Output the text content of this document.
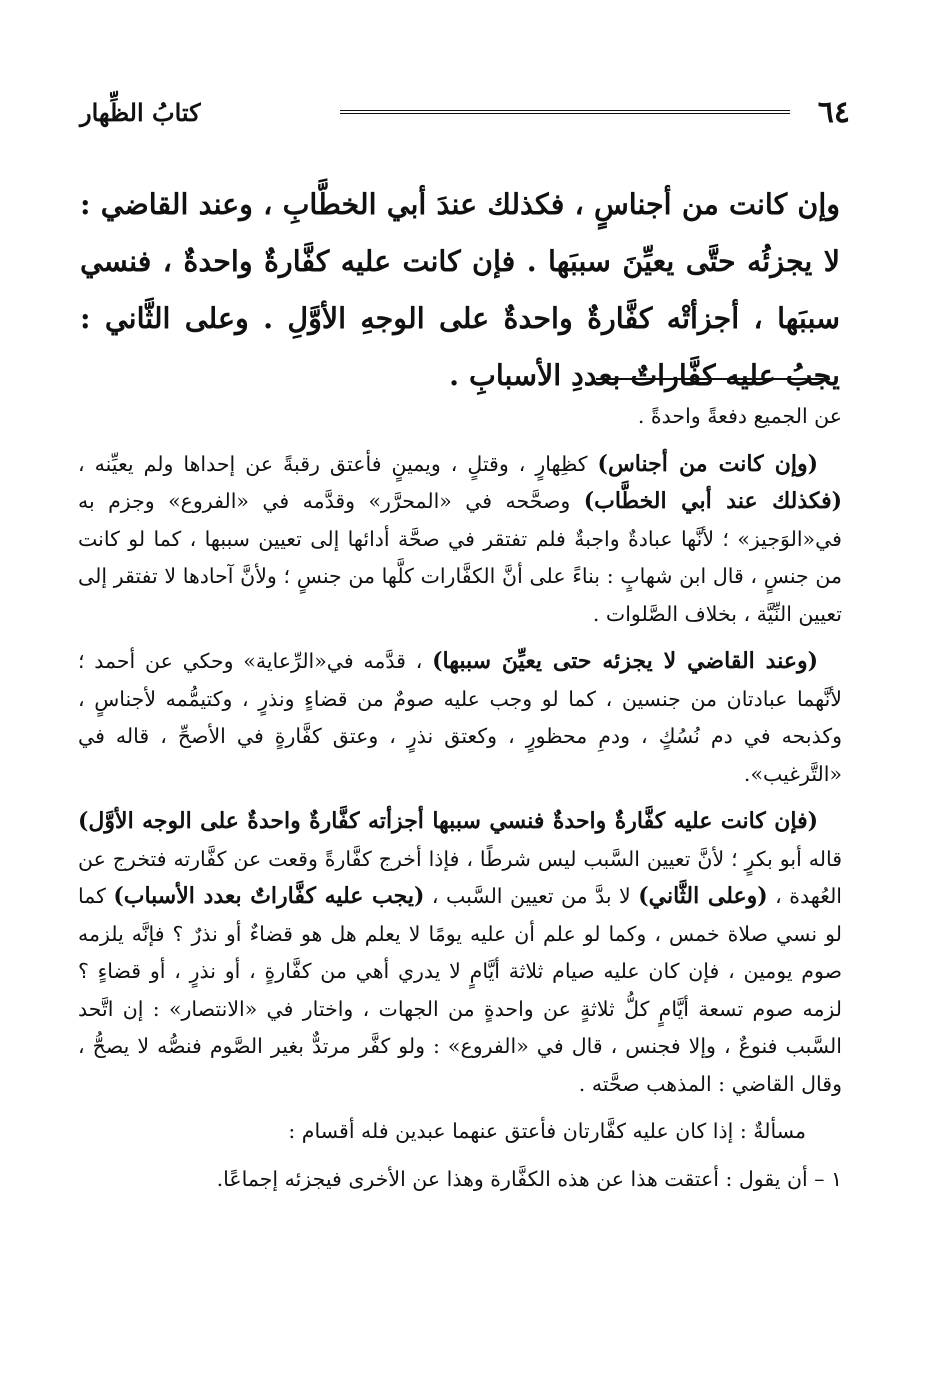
٦٤
كتابُ الظِّهار
وإن كانت من أجناسٍ ، فكذلك عندَ أبي الخطَّابِ ، وعند القاضي : لا يجزئُه حتَّى يعيِّنَ سببَها . فإن كانت عليه كفَّارةٌ واحدةٌ ، فنسي سببَها ، أجزأتْه كفَّارةٌ واحدةٌ على الوجهِ الأوَّلِ . وعلى الثَّاني : يجبُ عليه كفَّاراتٌ بعددِ الأسبابِ .

عن الجميع دفعةً واحدةً .

(وإن كانت من أجناس) كظِهارٍ ، وقتلٍ ، ويمينٍ فأعتق رقبةً عن إحداها ولم يعيِّنه ، (فكذلك عند أبي الخطَّاب) وصحَّحه في «المحرَّر» وقدَّمه في «الفروع» وجزم به في«الوَجيز» ؛ لأنَّها عبادةٌ واجبةٌ فلم تفتقر في صحَّة أدائها إلى تعيين سببها ، كما لو كانت من جنسٍ ، قال ابن شهابٍ : بناءً على أنَّ الكفَّارات كلَّها من جنسٍ ؛ ولأنَّ آحادها لا تفتقر إلى تعيين النِّيَّة ، بخلاف الصَّلوات .

(وعند القاضي لا يجزئه حتى يعيِّنَ سببها) ، قدَّمه في«الرِّعاية» وحكي عن أحمد ؛ لأنَّهما عبادتان من جنسين ، كما لو وجب عليه صومٌ من قضاءٍ ونذرٍ ، وكتيمُّمه لأجناسٍ ، وكذبحه في دم نُسُكٍ ، ودمِ محظورٍ ، وكعتق نذرٍ ، وعتق كفَّارةٍ في الأصحِّ ، قاله في «التَّرغيب».

(فإن كانت عليه كفَّارةٌ واحدةٌ فنسي سببها أجزأته كفَّارةٌ واحدةٌ على الوجه الأوَّل) قاله أبو بكرٍ ؛ لأنَّ تعيين السَّبب ليس شرطًا ، فإذا أخرج كفَّارةً وقعت عن كفَّارته فتخرج عن العُهدة ، (وعلى الثَّاني) لا بدَّ من تعيين السَّبب ، (يجب عليه كفَّاراتٌ بعدد الأسباب) كما لو نسي صلاة خمس ، وكما لو علم أن عليه يومًا لا يعلم هل هو قضاءٌ أو نذرٌ ؟ فإنَّه يلزمه صوم يومين ، فإن كان عليه صيام ثلاثة أيَّامٍ لا يدري أهي من كفَّارةٍ ، أو نذرٍ ، أو قضاءٍ ؟ لزمه صوم تسعة أيَّامٍ كلُّ ثلاثةٍ عن واحدةٍ من الجهات ، واختار في «الانتصار» : إن اتَّحد السَّبب فنوعٌ ، وإلا فجنس ، قال في «الفروع» : ولو كفَّر مرتدٌّ بغير الصَّوم فنصُّه لا يصحُّ ، وقال القاضي : المذهب صحَّته .

مسألةٌ : إذا كان عليه كفَّارتان فأعتق عنهما عبدين فله أقسام :

١ – أن يقول : أعتقت هذا عن هذه الكفَّارة وهذا عن الأخرى فيجزئه إجماعًا.
